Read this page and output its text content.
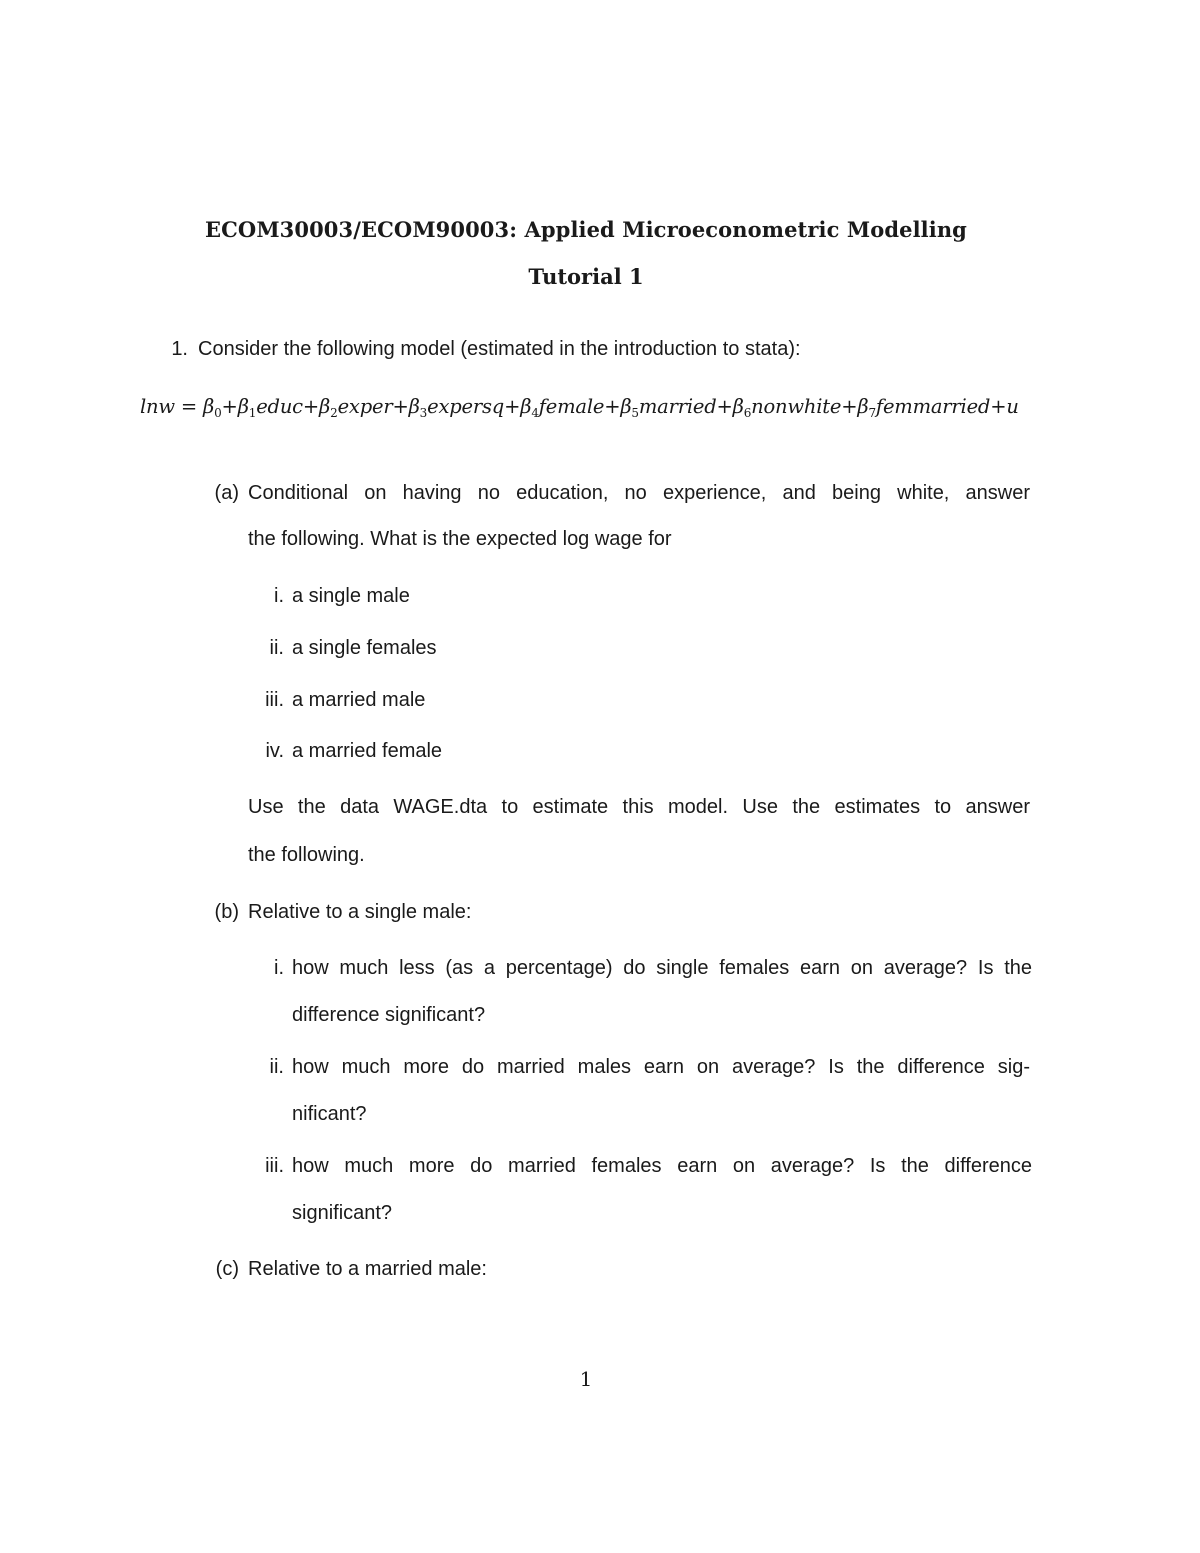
ECOM30003/ECOM90003: Applied Microeconometric Modelling
Tutorial 1
1. Consider the following model (estimated in the introduction to stata):
$\ln w = \beta_0+\beta_1educ+\beta_2exper+\beta_3expersq+\beta_4female+\beta_5married+\beta_6nonwhite+\beta_7femmarried+u$
(a) Conditional on having no education, no experience, and being white, answer
the following. What is the expected log wage for
i. a single male
ii. a single females
iii. a married male
iv. a married female
Use the data WAGE.dta to estimate this model. Use the estimates to answer
the following.
(b) Relative to a single male:
i. how much less (as a percentage) do single females earn on average? Is the
difference significant?
ii. how much more do married males earn on average? Is the difference sig-
nificant?
iii. how much more do married females earn on average? Is the difference
significant?
(c) Relative to a married male:
1
